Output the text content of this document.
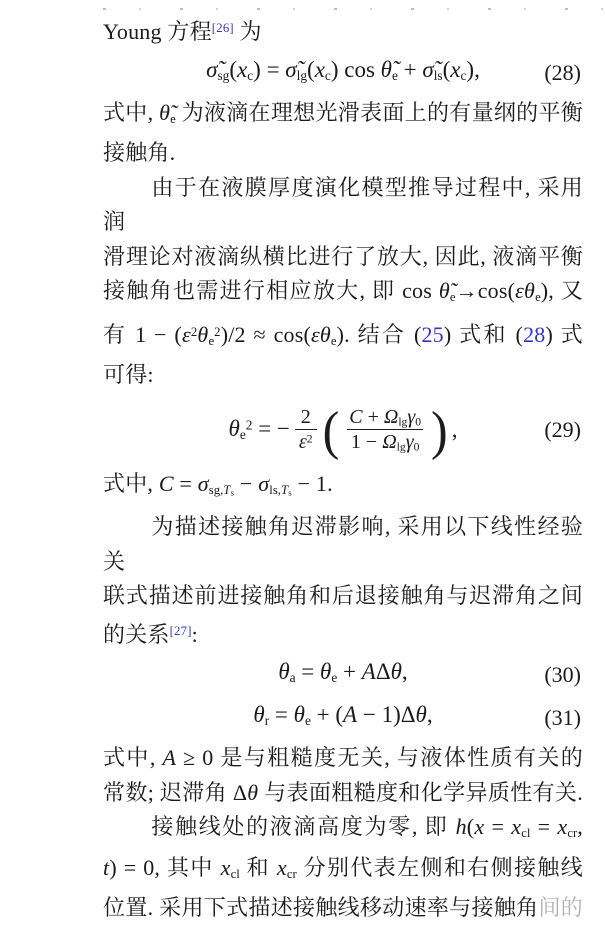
Young 方程[26] 为
σ̃sg(xc) = σ̃lg(xc) cos θ̃e + σ̃ls(xc),	(28)
式中, θ̃e 为液滴在理想光滑表面上的有量纲的平衡
接触角.
由于在液膜厚度演化模型推导过程中, 采用润
滑理论对液滴纵横比进行了放大, 因此, 液滴平衡
接触角也需进行相应放大, 即 cos θ̃e→cos(εθe), 又
有 $1 - (\varepsilon^2\theta e^2)/2 \approx \cos(\varepsilon\theta e)$. 结合 (25) 式和 (28) 式
可得:
$\theta e^2$ = − $\frac{2}{\varepsilon^2}$ ( $\frac{C + \Omega\lg\gamma 0}{1 - \Omega\lg\gamma 0}$ ) ,	(29)
式中, $C = \sigma sg,T_s - \sigma ls,T_s - 1$.
为描述接触角迟滞影响, 采用以下线性经验关
联式描述前进接触角和后退接触角与迟滞角之间
的关系[27]:
θa = θe + AΔθ,	(30)
θr = θe + (A − 1)Δθ,	(31)
式中, A ≥ 0 是与粗糙度无关, 与液体性质有关的
常数; 迟滞角 Δθ 与表面粗糙度和化学异质性有关.
接触线处的液滴高度为零, 即 h(x = xcl = xcr,
t) = 0, 其中 xcl 和 xcr 分别代表左侧和右侧接触线
位置. 采用下式描述接触线移动速率与接触角间的
